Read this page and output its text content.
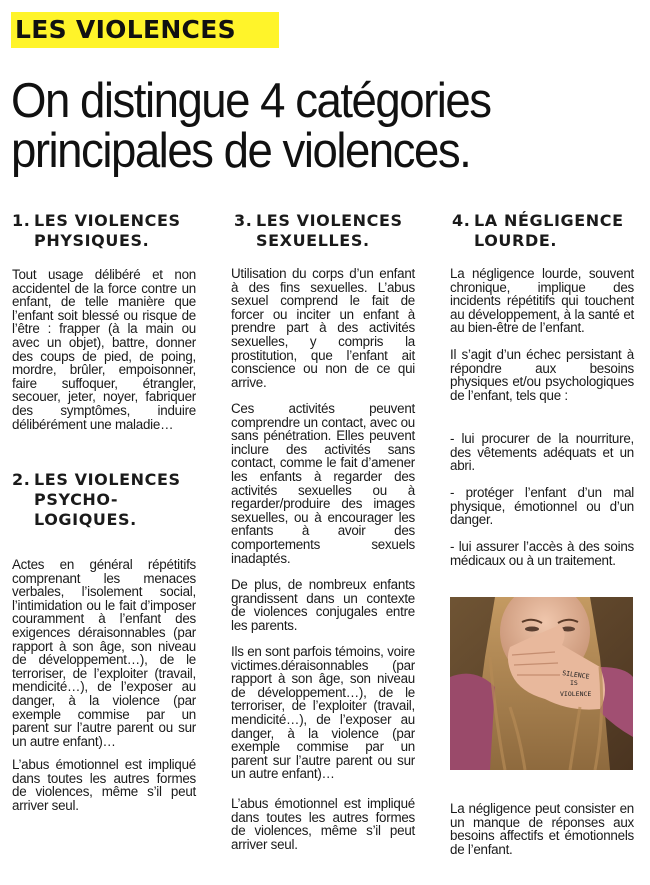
LES VIOLENCES
On distingue 4 catégories
principales de violences.
1. LES VIOLENCES
PHYSIQUES.

Tout usage délibéré et non accidentel de la force contre un enfant, de telle manière que l’enfant soit blessé ou risque de l’être : frapper (à la main ou avec un objet), battre, donner des coups de pied, de poing, mordre, brûler, empoisonner, faire suffoquer, étrangler, secouer, jeter, noyer, fabriquer des symptômes, induire délibérément une maladie…

2. LES VIOLENCES
PSYCHO-
LOGIQUES.

Actes en général répétitifs comprenant les menaces verbales, l’isolement social, l’intimidation ou le fait d’imposer couramment à l’enfant des exigences déraisonnables (par rapport à son âge, son niveau de développement…), de le terroriser, de l’exploiter (travail, mendicité…), de l’exposer au danger, à la violence (par exemple commise par un parent sur l’autre parent ou sur un autre enfant)…

L’abus émotionnel est impliqué dans toutes les autres formes de violences, même s’il peut arriver seul.

3. LES VIOLENCES
SEXUELLES.

Utilisation du corps d’un enfant à des fins sexuelles. L’abus sexuel comprend le fait de forcer ou inciter un enfant à prendre part à des activités sexuelles, y compris la prostitution, que l’enfant ait conscience ou non de ce qui arrive.

Ces activités peuvent comprendre un contact, avec ou sans pénétration. Elles peuvent inclure des activités sans contact, comme le fait d’amener les enfants à regarder des activités sexuelles ou à regarder/produire des images sexuelles, ou à encourager les enfants à avoir des comportements sexuels inadaptés.

De plus, de nombreux enfants grandissent dans un contexte de violences conjugales entre les parents.

Ils en sont parfois témoins, voire victimes.déraisonnables (par rapport à son âge, son niveau de développement…), de le terroriser, de l’exploiter (travail, mendicité…), de l’exposer au danger, à la violence (par exemple commise par un parent sur l’autre parent ou sur un autre enfant)…

L’abus émotionnel est impliqué dans toutes les autres formes de violences, même s’il peut arriver seul.

4. LA NÉGLIGENCE
LOURDE.

La négligence lourde, souvent chronique, implique des incidents répétitifs qui touchent au développement, à la santé et au bien-être de l’enfant.

Il s’agit d’un échec persistant à répondre aux besoins physiques et/ou psychologiques de l’enfant, tels que :

- lui procurer de la nourriture, des vêtements adéquats et un abri.

- protéger l’enfant d’un mal physique, émotionnel ou d’un danger.

- lui assurer l’accès à des soins médicaux ou à un traitement.

SILENCE
IS
VIOLENCE

La négligence peut consister en un manque de réponses aux besoins affectifs et émotionnels de l’enfant.
